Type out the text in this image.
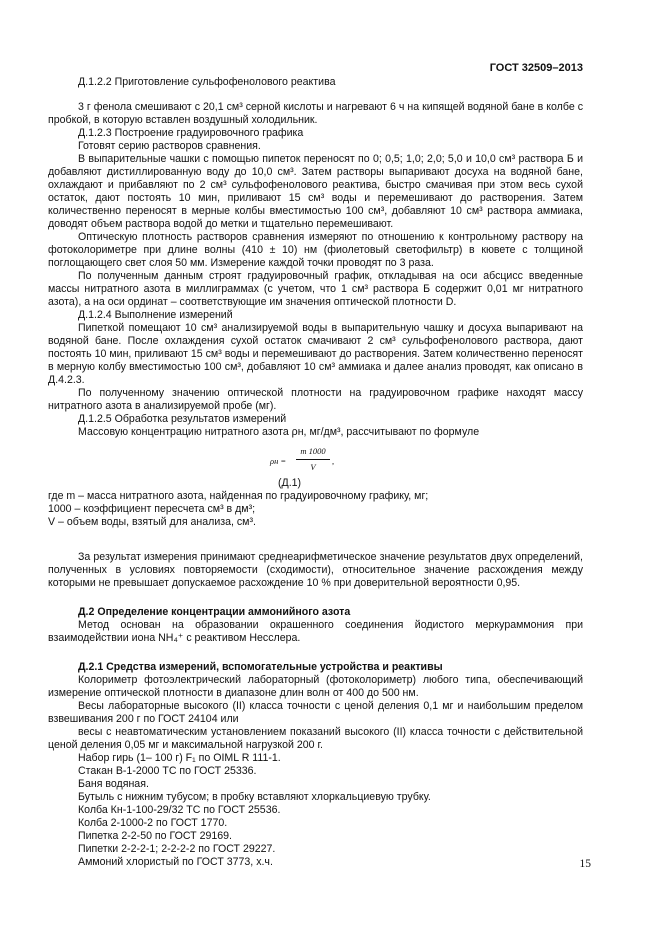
ГОСТ 32509–2013

Д.1.2.2 Приготовление сульфофенолового реактива

3 г фенола смешивают с 20,1 см³ серной кислоты и нагревают 6 ч на кипящей водяной бане в колбе с пробкой, в которую вставлен воздушный холодильник.

Д.1.2.3 Построение градуировочного графика

Готовят серию растворов сравнения.

В выпарительные чашки с помощью пипеток переносят по 0; 0,5; 1,0; 2,0; 5,0 и 10,0 см³ раствора Б и добавляют дистиллированную воду до 10,0 см³. Затем растворы выпаривают досуха на водяной бане, охлаждают и прибавляют по 2 см³ сульфофенолового реактива, быстро смачивая при этом весь сухой остаток, дают постоять 10 мин, приливают 15 см³ воды и перемешивают до растворения. Затем количественно переносят в мерные колбы вместимостью 100 см³, добавляют 10 см³ раствора аммиака, доводят объем раствора водой до метки и тщательно перемешивают.

Оптическую плотность растворов сравнения измеряют по отношению к контрольному раствору на фотоколориметре при длине волны (410 ± 10) нм (фиолетовый светофильтр) в кювете с толщиной поглощающего свет слоя 50 мм. Измерение каждой точки проводят по 3 раза.

По полученным данным строят градуировочный график, откладывая на оси абсцисс введенные массы нитратного азота в миллиграммах (с учетом, что 1 см³ раствора Б содержит 0,01 мг нитратного азота), а на оси ординат – соответствующие им значения оптической плотности D.

Д.1.2.4 Выполнение измерений

Пипеткой помещают 10 см³ анализируемой воды в выпарительную чашку и досуха выпаривают на водяной бане. После охлаждения сухой остаток смачивают 2 см³ сульфофенолового раствора, дают постоять 10 мин, приливают 15 см³ воды и перемешивают до растворения. Затем количественно переносят в мерную колбу вместимостью 100 см³, добавляют 10 см³ аммиака и далее анализ проводят, как описано в Д.4.2.3.

По полученному значению оптической плотности на градуировочном графике находят массу нитратного азота в анализируемой пробе (мг).

Д.1.2.5 Обработка результатов измерений

Массовую концентрацию нитратного азота ρн, мг/дм³, рассчитывают по формуле

$\rho н = \frac{m 1000}{V}$ ,
(Д.1)

где m – масса нитратного азота, найденная по градуировочному графику, мг;

1000 – коэффициент пересчета см³ в дм³;

V – объем воды, взятый для анализа, см³.

За результат измерения принимают среднеарифметическое значение результатов двух определений, полученных в условиях повторяемости (сходимости), относительное значение расхождения между которыми не превышает допускаемое расхождение 10 % при доверительной вероятности 0,95.

Д.2 Определение концентрации аммонийного азота

Метод основан на образовании окрашенного соединения йодистого меркураммония при взаимодействии иона NH₄⁺ с реактивом Несслера.

Д.2.1 Средства измерений, вспомогательные устройства и реактивы

Колориметр фотоэлектрический лабораторный (фотоколориметр) любого типа, обеспечивающий измерение оптической плотности в диапазоне длин волн от 400 до 500 нм.

Весы лабораторные высокого (II) класса точности с ценой деления 0,1 мг и наибольшим пределом взвешивания 200 г по ГОСТ 24104 или

весы с неавтоматическим установлением показаний высокого (II) класса точности с действительной ценой деления 0,05 мг и максимальной нагрузкой 200 г.

Набор гирь (1– 100 г) F₁ по OIML R 111-1.

Стакан В-1-2000 ТС по ГОСТ 25336.

Баня водяная.

Бутыль с нижним тубусом; в пробку вставляют хлоркальциевую трубку.

Колба Кн-1-100-29/32 ТС по ГОСТ 25536.

Колба 2-1000-2 по ГОСТ 1770.

Пипетка 2-2-50 по ГОСТ 29169.

Пипетки 2-2-2-1; 2-2-2-2 по ГОСТ 29227.

Аммоний хлористый по ГОСТ 3773, х.ч.	15
